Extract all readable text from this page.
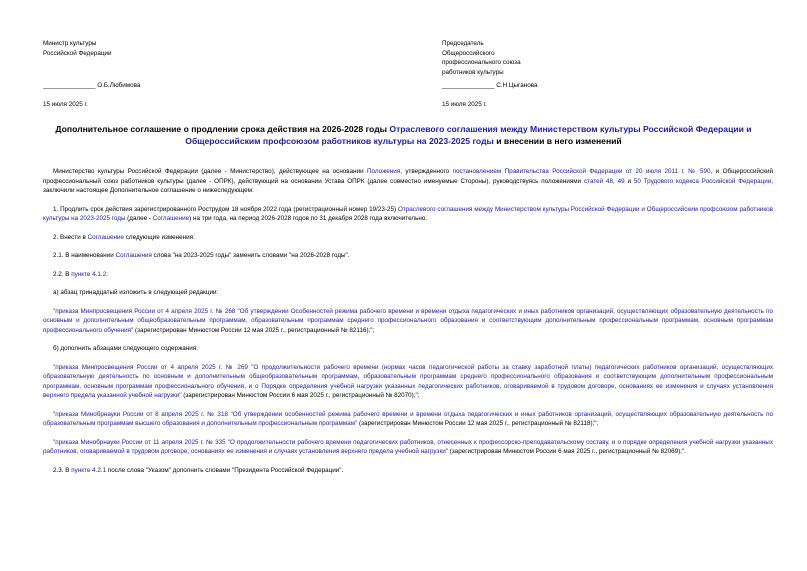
Министр культуры
Российской Федерации
_______________ О.Б.Любимова
15 июля 2025 г.
Председатель
Общероссийского
профессионального союза
работников культуры
_______________ С.Н.Цыганова
15 июля 2025 г.
Дополнительное соглашение о продлении срока действия на 2026-2028 годы Отраслевого соглашения между Министерством культуры Российской Федерации и Общероссийским профсоюзом работников культуры на 2023-2025 годы и внесении в него изменений

Министерство культуры Российской Федерации (далее - Министерство), действующее на основании Положения, утвержденного постановлением Правительства Российской Федерации от 20 июля 2011 г. № 590, и Общероссийский профессиональный союз работников культуры (далее - ОПРК), действующий на основании Устава ОПРК (далее совместно именуемые Стороны), руководствуясь положениями статей 48, 49 и 50 Трудового кодекса Российской Федерации, заключили настоящее Дополнительное соглашение о нижеследующем:

1. Продлить срок действия зарегистрированного Рострудом 18 ноября 2022 года (регистрационный номер 19/23-25) Отраслевого соглашения между Министерством культуры Российской Федерации и Общероссийским профсоюзом работников культуры на 2023-2025 годы (далее - Соглашение) на три года, на период 2026-2028 годов по 31 декабря 2028 года включительно.

2. Внести в Соглашение следующие изменения:

2.1. В наименовании Соглашения слова "на 2023-2025 годы" заменить словами "на 2026-2028 годы".

2.2. В пункте 4.1.2:

а) абзац тринадцатый изложить в следующей редакции:

"приказа Минпросвещения России от 4 апреля 2025 г. № 268 "Об утверждении Особенностей режима рабочего времени и времени отдыха педагогических и иных работников организаций, осуществляющих образовательную деятельность по основным и дополнительным общеобразовательным программам, образовательным программам среднего профессионального образования и соответствующим дополнительным профессиональным программам, основным программам профессионального обучения" (зарегистрирован Минюстом России 12 мая 2025 г., регистрационный № 82116);";

б) дополнить абзацами следующего содержания:

"приказа Минпросвещения России от 4 апреля 2025 г. № 269 "О продолжительности рабочего времени (нормах часов педагогической работы за ставку заработной платы) педагогических работников организаций, осуществляющих образовательную деятельность по основным и дополнительным общеобразовательным программам, образовательным программам среднего профессионального образования и соответствующим дополнительным профессиональным программам, основным программам профессионального обучения, и о Порядке определения учебной нагрузки указанных педагогических работников, оговариваемой в трудовом договоре, основаниях ее изменения и случаях установления верхнего предела указанной учебной нагрузки" (зарегистрирован Минюстом России 6 мая 2025 г., регистрационный № 82070);";

"приказа Минобрнауки России от 8 апреля 2025 г. № 318 "Об утверждении особенностей режима рабочего времени и времени отдыха педагогических и иных работников организаций, осуществляющих образовательную деятельность по образовательным программам высшего образования и дополнительным профессиональным программам" (зарегистрирован Минюстом России 12 мая 2025 г., регистрационный № 82118);";

"приказа Минобрнауки России от 11 апреля 2025 г. № 335 "О продолжительности рабочего времени педагогических работников, отнесенных к профессорско-преподавательскому составу, и о порядке определения учебной нагрузки указанных работников, оговариваемой в трудовом договоре, основаниях ее изменения и случаях установления верхнего предела учебной нагрузки" (зарегистрирован Минюстом России 6 мая 2025 г., регистрационный № 82069);".

2.3. В пункте 4.2.1 после слова "Указом" дополнить словами "Президента Российской Федерации".
